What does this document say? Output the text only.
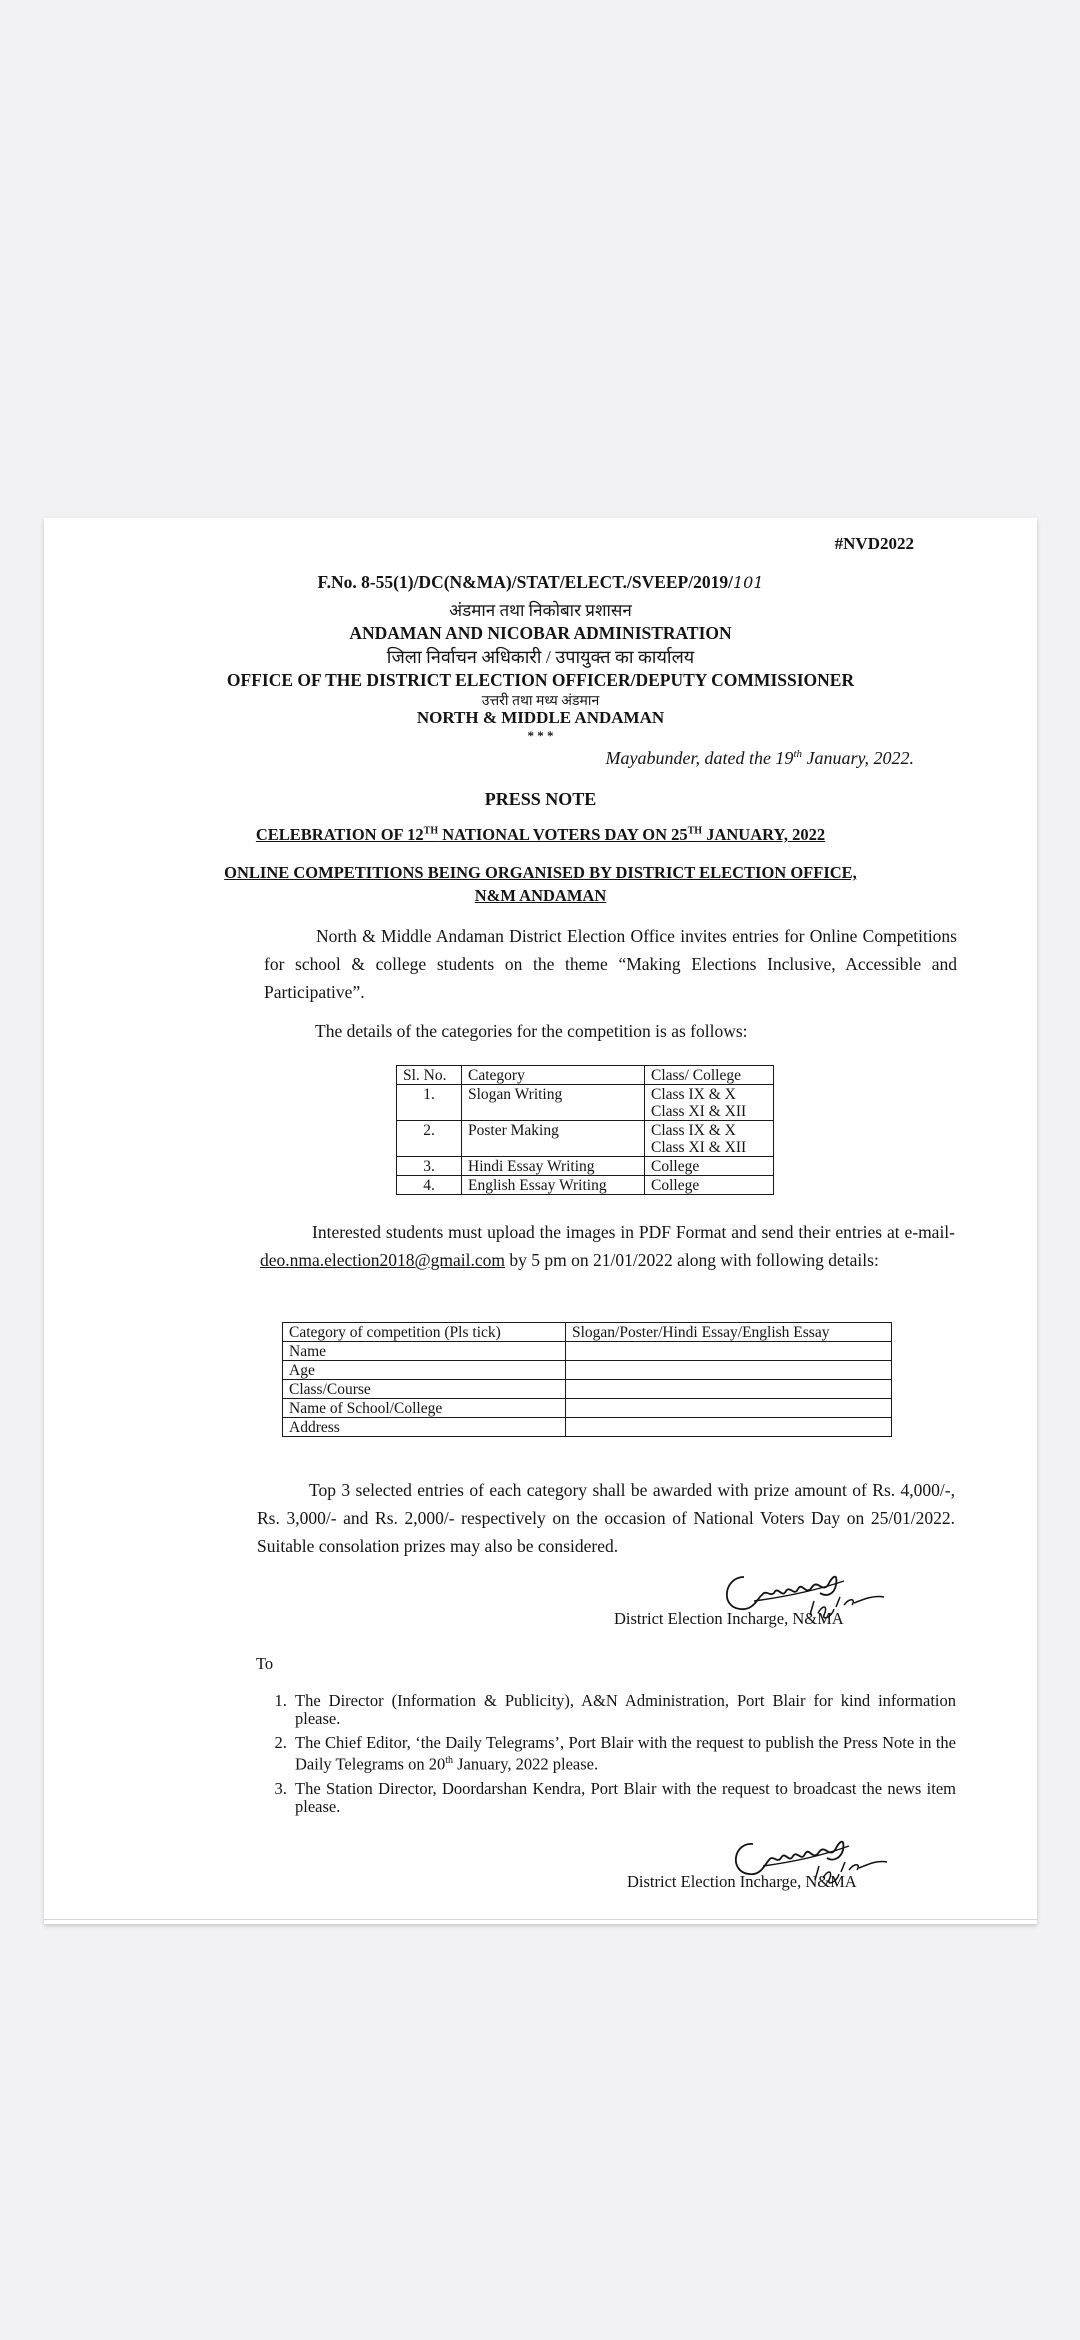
#NVD2022
F.No. 8-55(1)/DC(N&MA)/STAT/ELECT./SVEEP/2019/101
अंडमान तथा निकोबार प्रशासन
ANDAMAN AND NICOBAR ADMINISTRATION
जिला निर्वाचन अधिकारी / उपायुक्त का कार्यालय
OFFICE OF THE DISTRICT ELECTION OFFICER/DEPUTY COMMISSIONER
उत्तरी तथा मध्य अंडमान
NORTH & MIDDLE ANDAMAN
* * *
Mayabunder, dated the 19th January, 2022.
PRESS NOTE
CELEBRATION OF 12TH NATIONAL VOTERS DAY ON 25TH JANUARY, 2022
ONLINE COMPETITIONS BEING ORGANISED BY DISTRICT ELECTION OFFICE,
N&M ANDAMAN
North & Middle Andaman District Election Office invites entries for Online Competitions for school & college students on the theme “Making Elections Inclusive, Accessible and Participative”.
The details of the categories for the competition is as follows:
Sl. No.	Category	Class/ College
1.	Slogan Writing	Class IX & X
Class XI & XII

2.	Poster Making	Class IX & X
Class XI & XII

3.	Hindi Essay Writing	College
4.	English Essay Writing	College
Interested students must upload the images in PDF Format and send their entries at e-mail- deo.nma.election2018@gmail.com by 5 pm on 21/01/2022 along with following details:
Category of competition (Pls tick)	Slogan/Poster/Hindi Essay/English Essay
Name	
Age	
Class/Course	
Name of School/College	
Address	
Top 3 selected entries of each category shall be awarded with prize amount of Rs. 4,000/-, Rs. 3,000/- and Rs. 2,000/- respectively on the occasion of National Voters Day on 25/01/2022. Suitable consolation prizes may also be considered.
District Election Incharge, N&MA
To
1. The Director (Information & Publicity), A&N Administration, Port Blair for kind information please.
2. The Chief Editor, ‘the Daily Telegrams’, Port Blair with the request to publish the Press Note in the Daily Telegrams on 20th January, 2022 please.
3. The Station Director, Doordarshan Kendra, Port Blair with the request to broadcast the news item please.
District Election Incharge, N&MA
